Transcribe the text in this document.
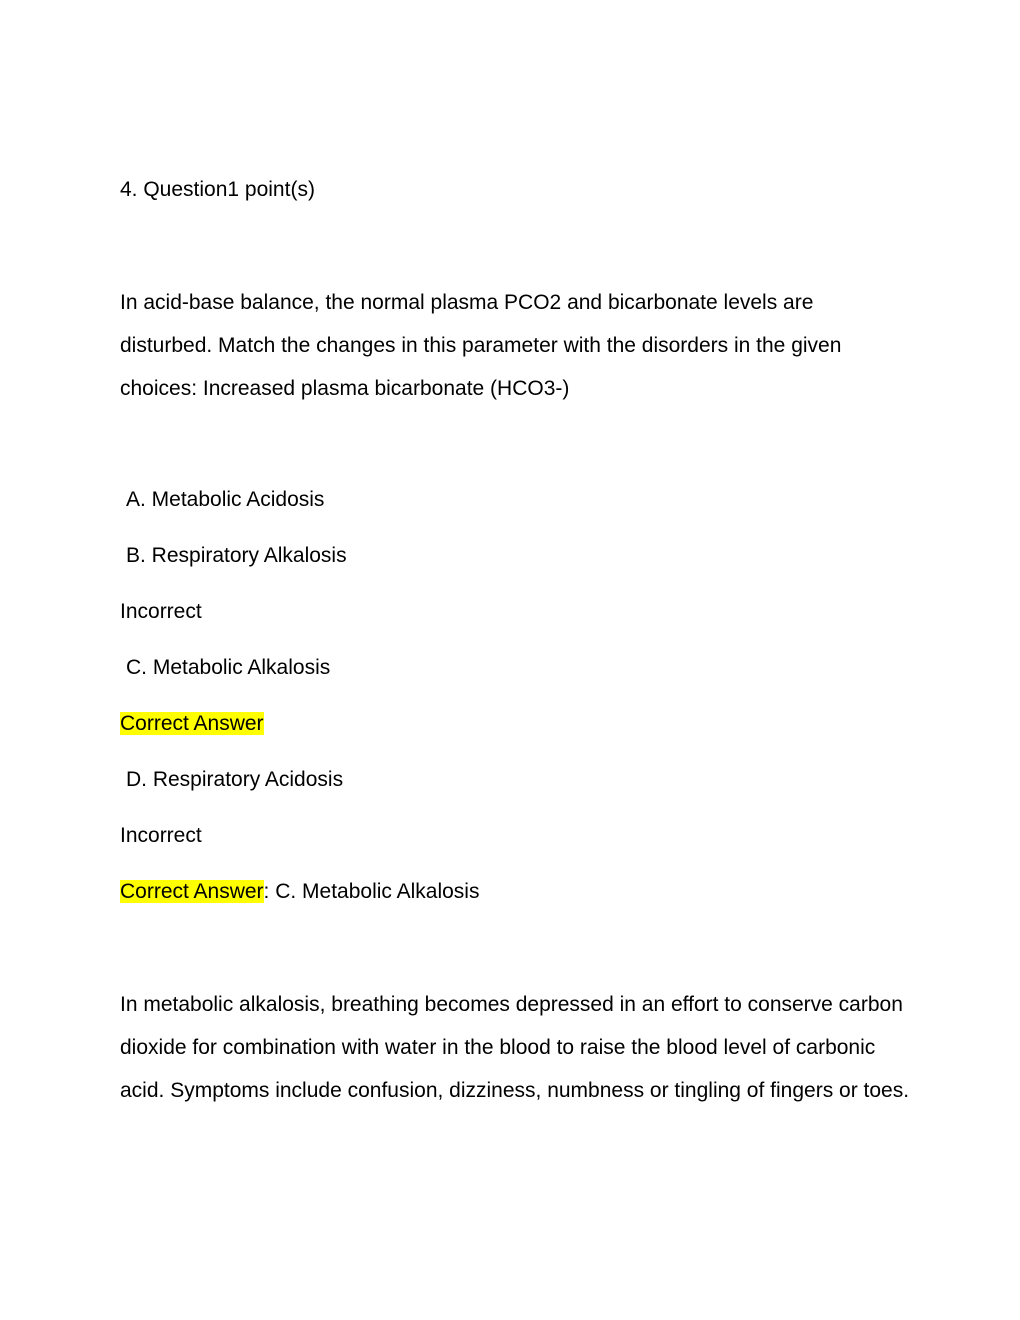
4. Question1 point(s)
In acid-base balance, the normal plasma PCO2 and bicarbonate levels are disturbed. Match the changes in this parameter with the disorders in the given choices: Increased plasma bicarbonate (HCO3-)
A. Metabolic Acidosis
B. Respiratory Alkalosis
Incorrect
C. Metabolic Alkalosis
Correct Answer
D. Respiratory Acidosis
Incorrect
Correct Answer: C. Metabolic Alkalosis
In metabolic alkalosis, breathing becomes depressed in an effort to conserve carbon dioxide for combination with water in the blood to raise the blood level of carbonic acid. Symptoms include confusion, dizziness, numbness or tingling of fingers or toes.
